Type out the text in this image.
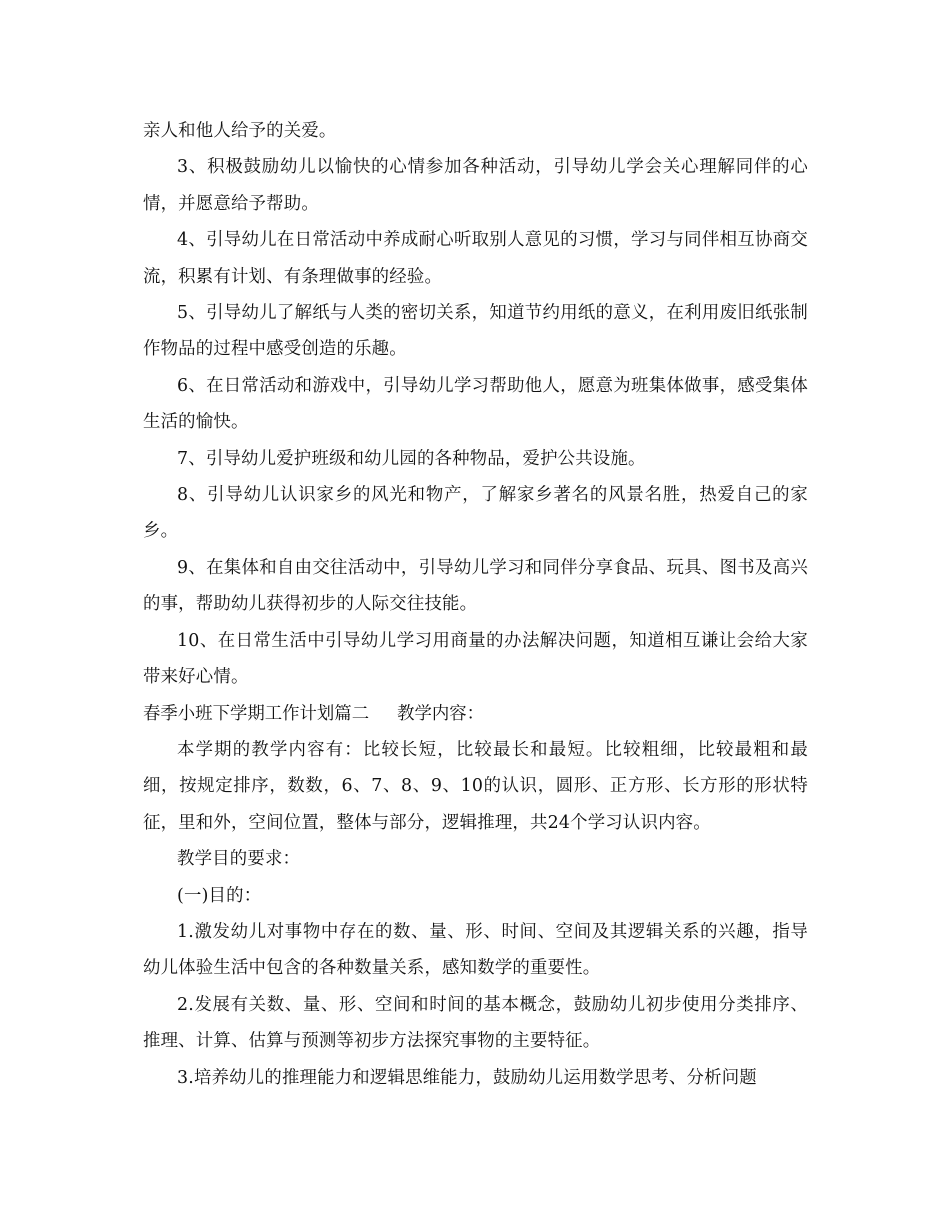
亲人和他人给予的关爱。

3、积极鼓励幼儿以愉快的心情参加各种活动，引导幼儿学会关心理解同伴的心情，并愿意给予帮助。

4、引导幼儿在日常活动中养成耐心听取别人意见的习惯，学习与同伴相互协商交流，积累有计划、有条理做事的经验。

5、引导幼儿了解纸与人类的密切关系，知道节约用纸的意义，在利用废旧纸张制作物品的过程中感受创造的乐趣。

6、在日常活动和游戏中，引导幼儿学习帮助他人，愿意为班集体做事，感受集体生活的愉快。

7、引导幼儿爱护班级和幼儿园的各种物品，爱护公共设施。

8、引导幼儿认识家乡的风光和物产，了解家乡著名的风景名胜，热爱自己的家乡。

9、在集体和自由交往活动中，引导幼儿学习和同伴分享食品、玩具、图书及高兴的事，帮助幼儿获得初步的人际交往技能。

10、在日常生活中引导幼儿学习用商量的办法解决问题，知道相互谦让会给大家带来好心情。

春季小班下学期工作计划篇二 教学内容：

本学期的教学内容有：比较长短，比较最长和最短。比较粗细，比较最粗和最细，按规定排序，数数，6、7、8、9、10的认识，圆形、正方形、长方形的形状特征，里和外，空间位置，整体与部分，逻辑推理，共24个学习认识内容。

教学目的要求：

(一)目的：

1.激发幼儿对事物中存在的数、量、形、时间、空间及其逻辑关系的兴趣，指导幼儿体验生活中包含的各种数量关系，感知数学的重要性。

2.发展有关数、量、形、空间和时间的基本概念，鼓励幼儿初步使用分类排序、推理、计算、估算与预测等初步方法探究事物的主要特征。

3.培养幼儿的推理能力和逻辑思维能力，鼓励幼儿运用数学思考、分析问题
